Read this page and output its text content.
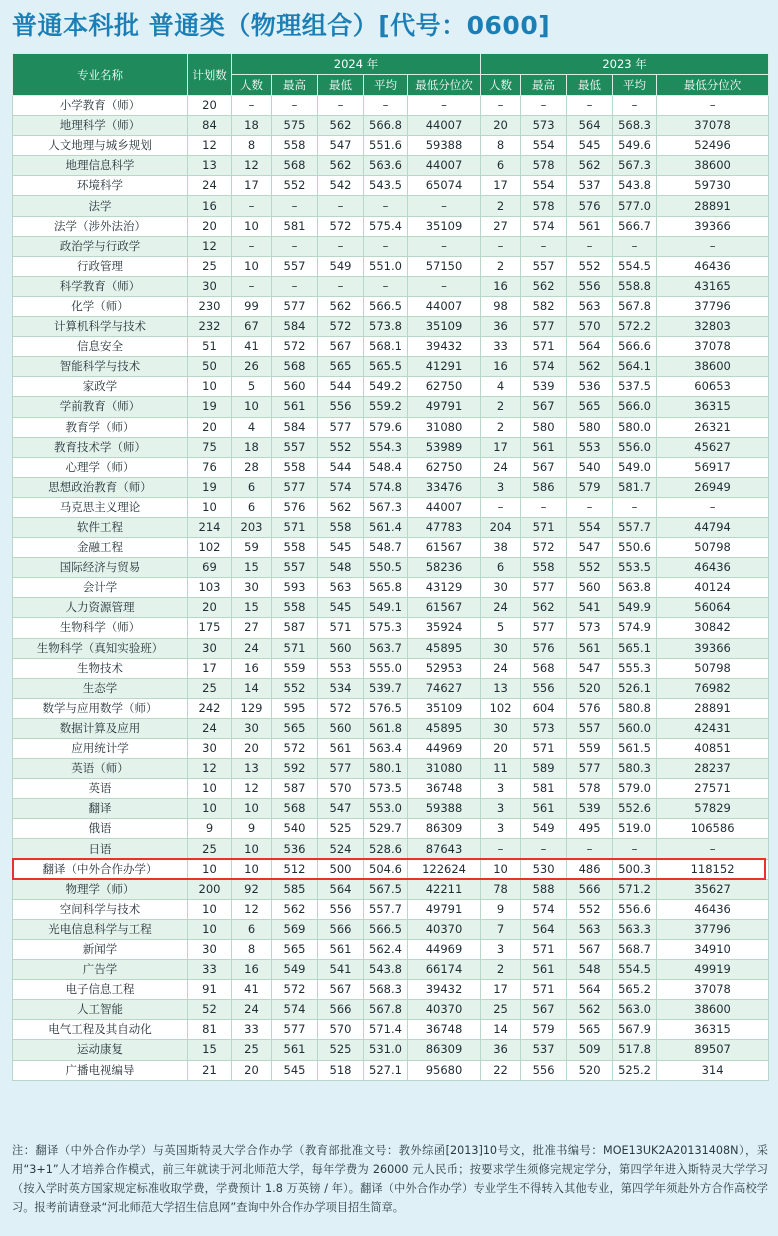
普通本科批 普通类（物理组合）[代号：0600]
专业名称	计划数	2024 年					2023 年				
		人数	最高	最低	平均	最低分位次	人数	最高	最低	平均	最低分位次
小学教育（师）	20	–	–	–	–	–	–	–	–	–	–
地理科学（师）	84	18	575	562	566.8	44007	20	573	564	568.3	37078
人文地理与城乡规划	12	8	558	547	551.6	59388	8	554	545	549.6	52496
地理信息科学	13	12	568	562	563.6	44007	6	578	562	567.3	38600
环境科学	24	17	552	542	543.5	65074	17	554	537	543.8	59730
法学	16	–	–	–	–	–	2	578	576	577.0	28891
法学（涉外法治）	20	10	581	572	575.4	35109	27	574	561	566.7	39366
政治学与行政学	12	–	–	–	–	–	–	–	–	–	–
行政管理	25	10	557	549	551.0	57150	2	557	552	554.5	46436
科学教育（师）	30	–	–	–	–	–	16	562	556	558.8	43165
化学（师）	230	99	577	562	566.5	44007	98	582	563	567.8	37796
计算机科学与技术	232	67	584	572	573.8	35109	36	577	570	572.2	32803
信息安全	51	41	572	567	568.1	39432	33	571	564	566.6	37078
智能科学与技术	50	26	568	565	565.5	41291	16	574	562	564.1	38600
家政学	10	5	560	544	549.2	62750	4	539	536	537.5	60653
学前教育（师）	19	10	561	556	559.2	49791	2	567	565	566.0	36315
教育学（师）	20	4	584	577	579.6	31080	2	580	580	580.0	26321
教育技术学（师）	75	18	557	552	554.3	53989	17	561	553	556.0	45627
心理学（师）	76	28	558	544	548.4	62750	24	567	540	549.0	56917
思想政治教育（师）	19	6	577	574	574.8	33476	3	586	579	581.7	26949
马克思主义理论	10	6	576	562	567.3	44007	–	–	–	–	–
软件工程	214	203	571	558	561.4	47783	204	571	554	557.7	44794
金融工程	102	59	558	545	548.7	61567	38	572	547	550.6	50798
国际经济与贸易	69	15	557	548	550.5	58236	6	558	552	553.5	46436
会计学	103	30	593	563	565.8	43129	30	577	560	563.8	40124
人力资源管理	20	15	558	545	549.1	61567	24	562	541	549.9	56064
生物科学（师）	175	27	587	571	575.3	35924	5	577	573	574.9	30842
生物科学（真知实验班）	30	24	571	560	563.7	45895	30	576	561	565.1	39366
生物技术	17	16	559	553	555.0	52953	24	568	547	555.3	50798
生态学	25	14	552	534	539.7	74627	13	556	520	526.1	76982
数学与应用数学（师）	242	129	595	572	576.5	35109	102	604	576	580.8	28891
数据计算及应用	24	30	565	560	561.8	45895	30	573	557	560.0	42431
应用统计学	30	20	572	561	563.4	44969	20	571	559	561.5	40851
英语（师）	12	13	592	577	580.1	31080	11	589	577	580.3	28237
英语	10	12	587	570	573.5	36748	3	581	578	579.0	27571
翻译	10	10	568	547	553.0	59388	3	561	539	552.6	57829
俄语	9	9	540	525	529.7	86309	3	549	495	519.0	106586
日语	25	10	536	524	528.6	87643	–	–	–	–	–
翻译（中外合作办学）	10	10	512	500	504.6	122624	10	530	486	500.3	118152
物理学（师）	200	92	585	564	567.5	42211	78	588	566	571.2	35627
空间科学与技术	10	12	562	556	557.7	49791	9	574	552	556.6	46436
光电信息科学与工程	10	6	569	566	566.5	40370	7	564	563	563.3	37796
新闻学	30	8	565	561	562.4	44969	3	571	567	568.7	34910
广告学	33	16	549	541	543.8	66174	2	561	548	554.5	49919
电子信息工程	91	41	572	567	568.3	39432	17	571	564	565.2	37078
人工智能	52	24	574	566	567.8	40370	25	567	562	563.0	38600
电气工程及其自动化	81	33	577	570	571.4	36748	14	579	565	567.9	36315
运动康复	15	25	561	525	531.0	86309	36	537	509	517.8	89507
广播电视编导	21	20	545	518	527.1	95680	22	556	520	525.2	314
注：翻译（中外合作办学）与英国斯特灵大学合作办学（教育部批准文号：教外综函[2013]10号文，批准书编号：MOE13UK2A20131408N），采用“3+1”人才培养合作模式，前三年就读于河北师范大学，每年学费为 26000 元人民币；按要求学生须修完规定学分，第四学年进入斯特灵大学学习（按入学时英方国家规定标准收取学费，学费预计 1.8 万英镑 / 年）。翻译（中外合作办学）专业学生不得转入其他专业，第四学年须赴外方合作高校学习。报考前请登录“河北师范大学招生信息网”查询中外合作办学项目招生简章。
